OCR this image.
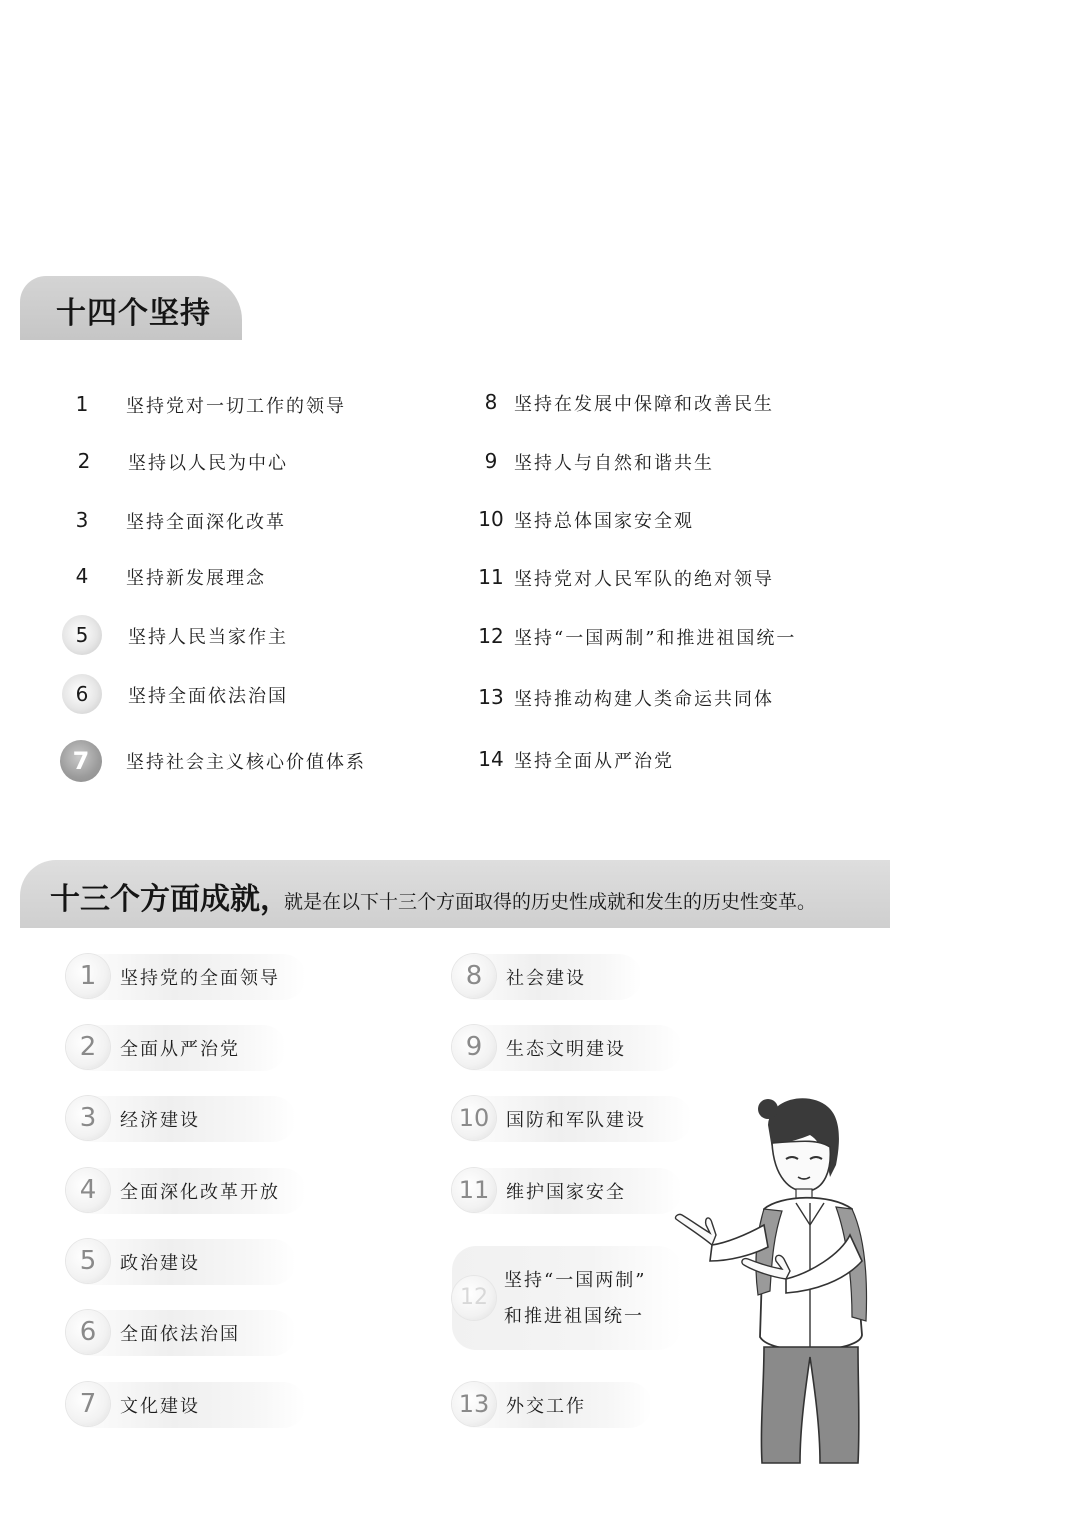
十四个坚持
1	坚持党对一切工作的领导
2	坚持以人民为中心
3	坚持全面深化改革
4	坚持新发展理念
5	坚持人民当家作主
6	坚持全面依法治国
7	坚持社会主义核心价值体系
8 坚持在发展中保障和改善民生
9 坚持人与自然和谐共生
10 坚持总体国家安全观
11 坚持党对人民军队的绝对领导
12 坚持“一国两制”和推进祖国统一
13 坚持推动构建人类命运共同体
14 坚持全面从严治党
十三个方面成就，
就是在以下十三个方面取得的历史性成就和发生的历史性变革。
1	坚持党的全面领导
2	全面从严治党
3	经济建设
4	全面深化改革开放
5	政治建设
6	全面依法治国
7	文化建设
8	社会建设
9	生态文明建设
10 国防和军队建设
11 维护国家安全
12
坚持“一国两制”
和推进祖国统一
13 外交工作
